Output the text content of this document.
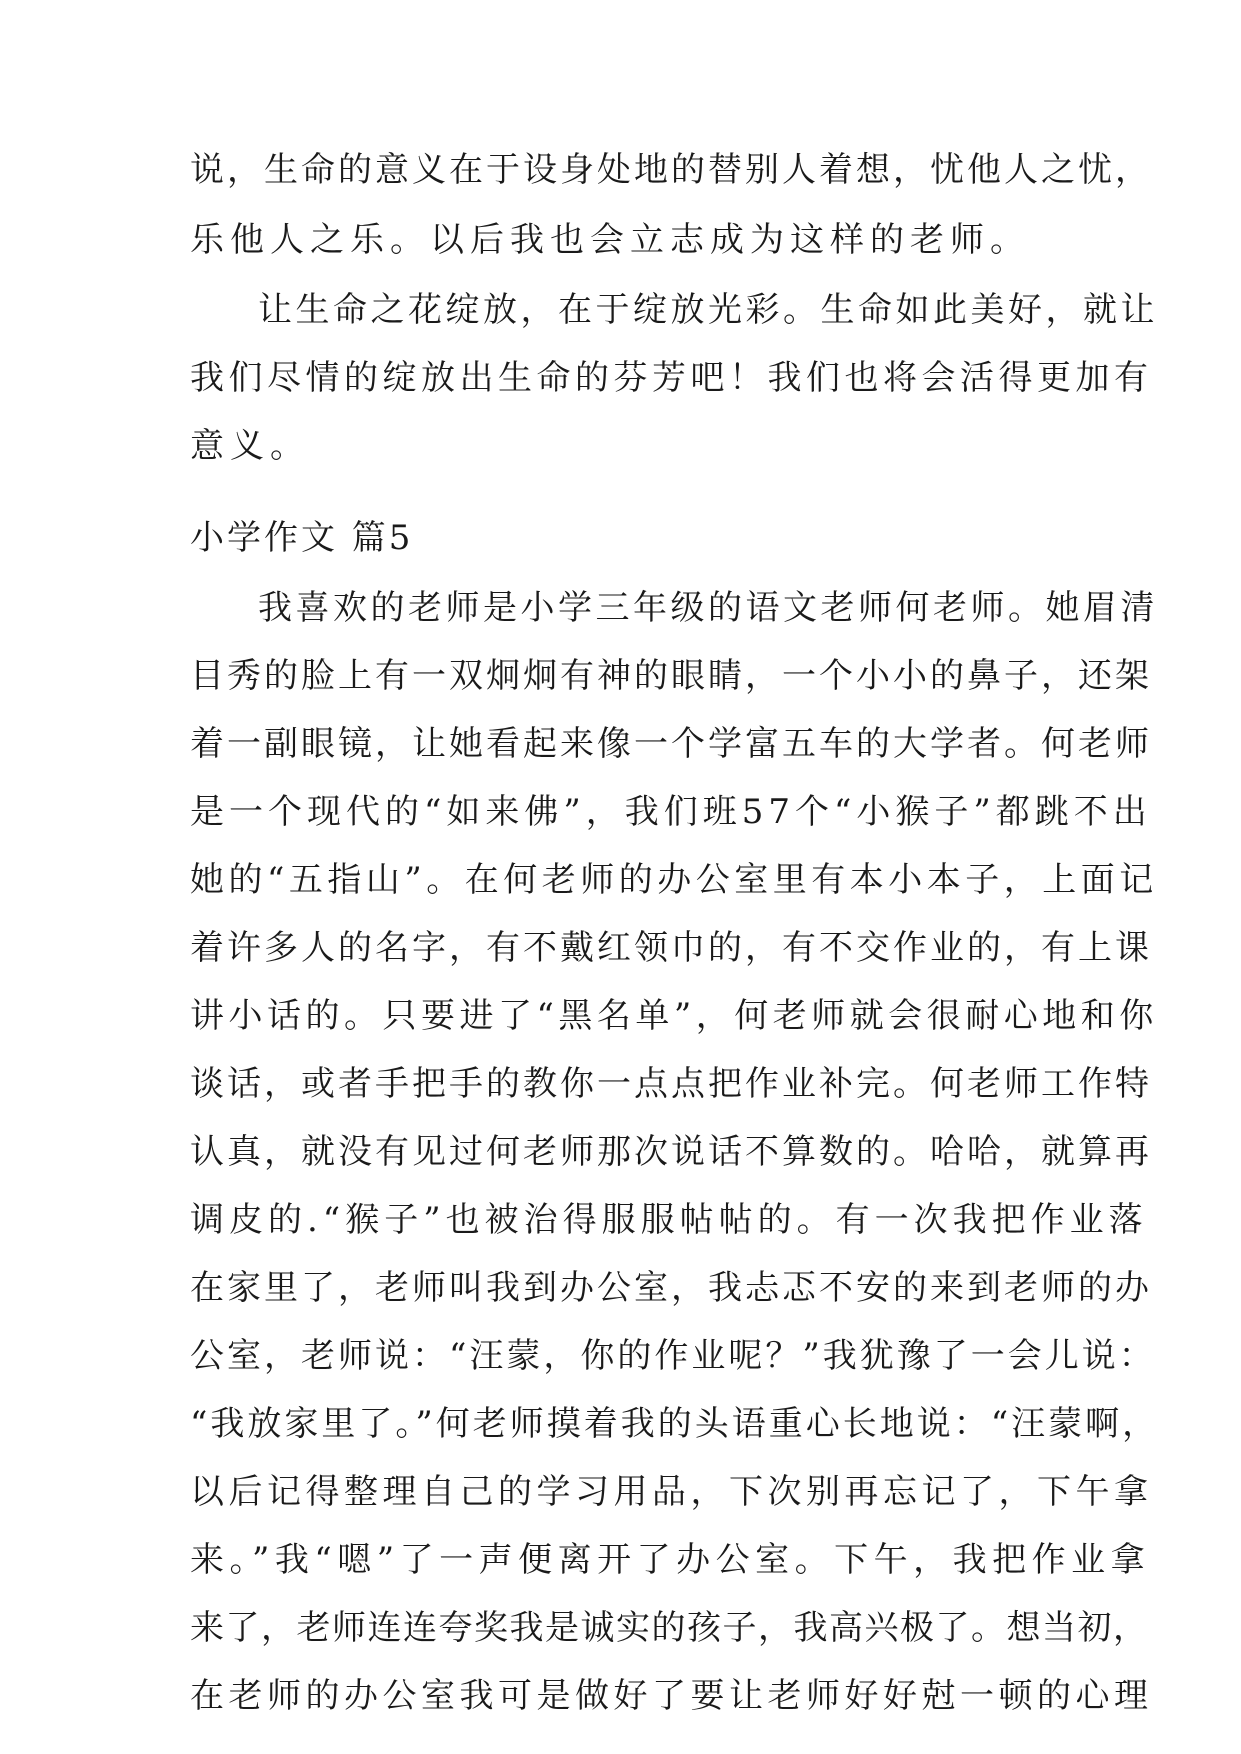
说，生命的意义在于设身处地的替别人着想，忧他人之忧，
乐他人之乐。以后我也会立志成为这样的老师。
让生命之花绽放，在于绽放光彩。生命如此美好，就让
我们尽情的绽放出生命的芬芳吧！我们也将会活得更加有
意义。
小学作文 篇5
我喜欢的老师是小学三年级的语文老师何老师。她眉清
目秀的脸上有一双炯炯有神的眼睛，一个小小的鼻子，还架
着一副眼镜，让她看起来像一个学富五车的大学者。何老师
是一个现代的“如来佛”，我们班57个“小猴子”都跳不出
她的“五指山”。在何老师的办公室里有本小本子，上面记
着许多人的名字，有不戴红领巾的，有不交作业的，有上课
讲小话的。只要进了“黑名单”，何老师就会很耐心地和你
谈话，或者手把手的教你一点点把作业补完。何老师工作特
认真，就没有见过何老师那次说话不算数的。哈哈，就算再
调皮的.“猴子”也被治得服服帖帖的。有一次我把作业落
在家里了，老师叫我到办公室，我忐忑不安的来到老师的办
公室，老师说：“汪蒙，你的作业呢？”我犹豫了一会儿说：
“我放家里了。”何老师摸着我的头语重心长地说：“汪蒙啊，
以后记得整理自己的学习用品，下次别再忘记了，下午拿
来。”我“嗯”了一声便离开了办公室。下午，我把作业拿
来了，老师连连夸奖我是诚实的孩子，我高兴极了。想当初，
在老师的办公室我可是做好了要让老师好好尅一顿的心理
